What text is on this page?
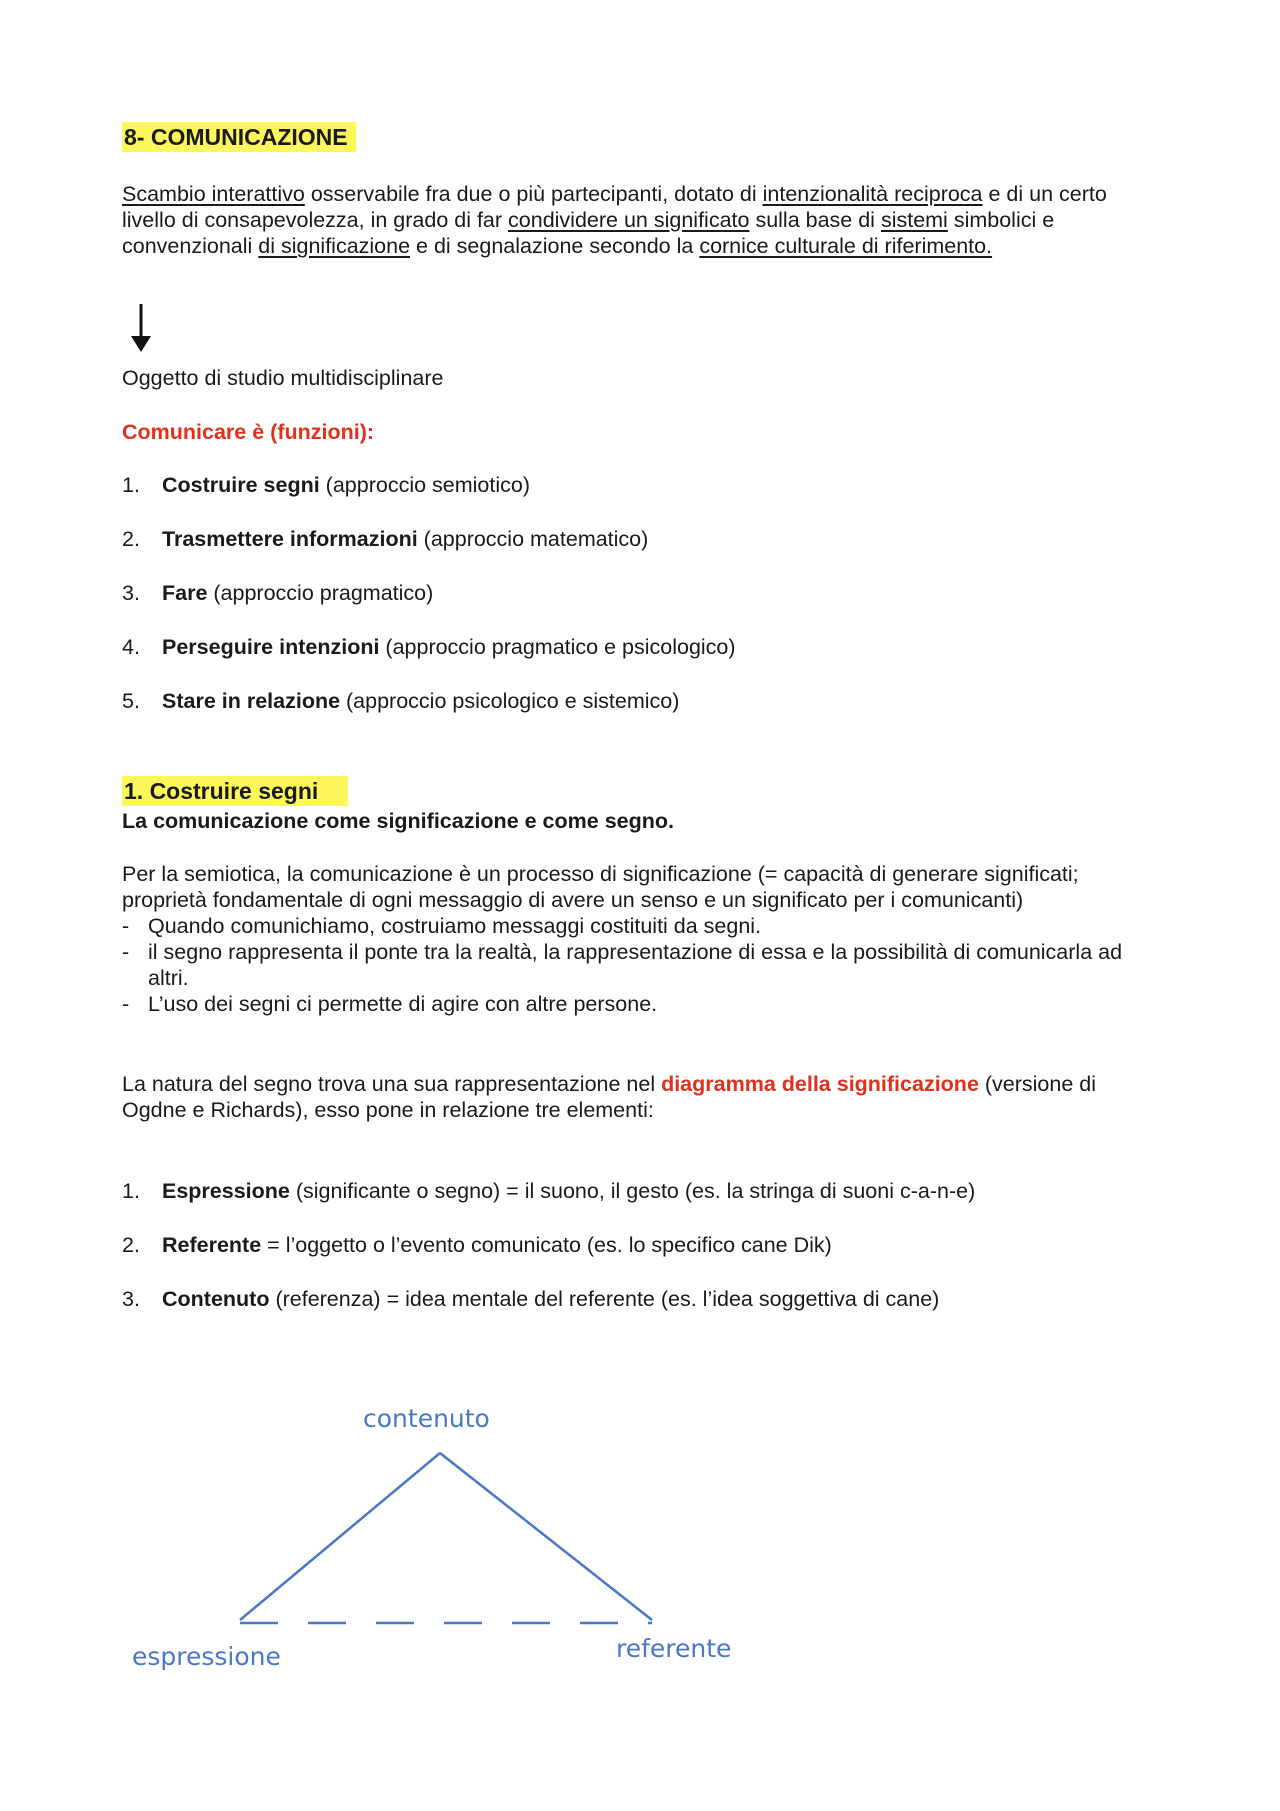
8- COMUNICAZIONE
Scambio interattivo osservabile fra due o più partecipanti, dotato di intenzionalità reciproca e di un certo livello di consapevolezza, in grado di far condividere un significato sulla base di sistemi simbolici e convenzionali di significazione e di segnalazione secondo la cornice culturale di riferimento.
Oggetto di studio multidisciplinare
Comunicare è (funzioni):
1. Costruire segni (approccio semiotico)
2. Trasmettere informazioni (approccio matematico)
3. Fare (approccio pragmatico)
4. Perseguire intenzioni (approccio pragmatico e psicologico)
5. Stare in relazione (approccio psicologico e sistemico)
1. Costruire segni
La comunicazione come significazione e come segno.
Per la semiotica, la comunicazione è un processo di significazione (= capacità di generare significati; proprietà fondamentale di ogni messaggio di avere un senso e un significato per i comunicanti)
- Quando comunichiamo, costruiamo messaggi costituiti da segni.
- il segno rappresenta il ponte tra la realtà, la rappresentazione di essa e la possibilità di comunicarla ad altri.
- L’uso dei segni ci permette di agire con altre persone.
La natura del segno trova una sua rappresentazione nel diagramma della significazione (versione di Ogdne e Richards), esso pone in relazione tre elementi:
1. Espressione (significante o segno) = il suono, il gesto (es. la stringa di suoni c-a-n-e)
2. Referente = l’oggetto o l’evento comunicato (es. lo specifico cane Dik)
3. Contenuto (referenza) = idea mentale del referente (es. l’idea soggettiva di cane)
contenuto
espressione	referente
